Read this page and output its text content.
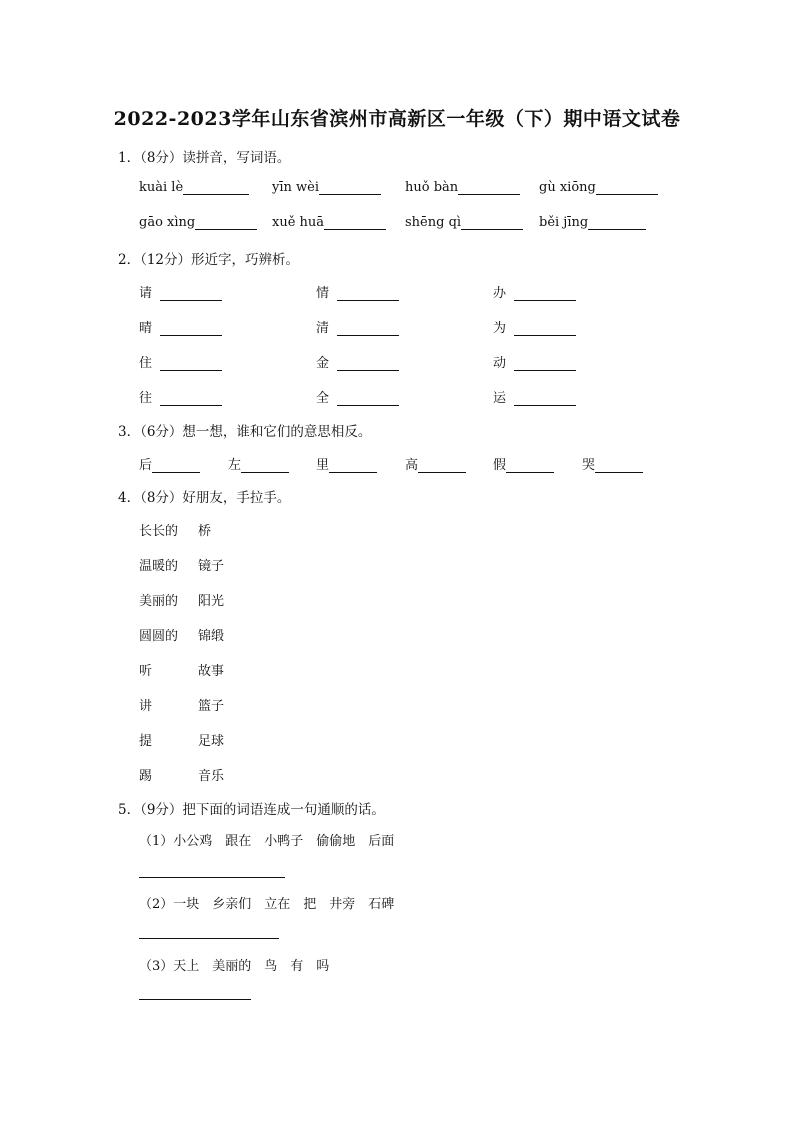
2022-2023学年山东省滨州市高新区一年级（下）期中语文试卷
1．（8分）读拼音，写词语。
kuài lè	yīn wèi	huǒ bàn	gù xiōng
gāo xìng	xuě huā	shēng qì	běi jīng
2．（12分）形近字，巧辨析。
请	情	办
晴	清	为
住	金	动
往	全	运
3．（6分）想一想，谁和它们的意思相反。
后	左	里	高	假	哭
4．（8分）好朋友，手拉手。
长长的 桥
温暖的 镜子
美丽的 阳光
圆圆的 锦缎
听	故事
讲	篮子
提	足球
踢	音乐
5．（9分）把下面的词语连成一句通顺的话。
（1）小公鸡　跟在　小鸭子　偷偷地　后面
（2）一块　乡亲们　立在　把　井旁　石碑
（3）天上　美丽的　鸟　有　吗
